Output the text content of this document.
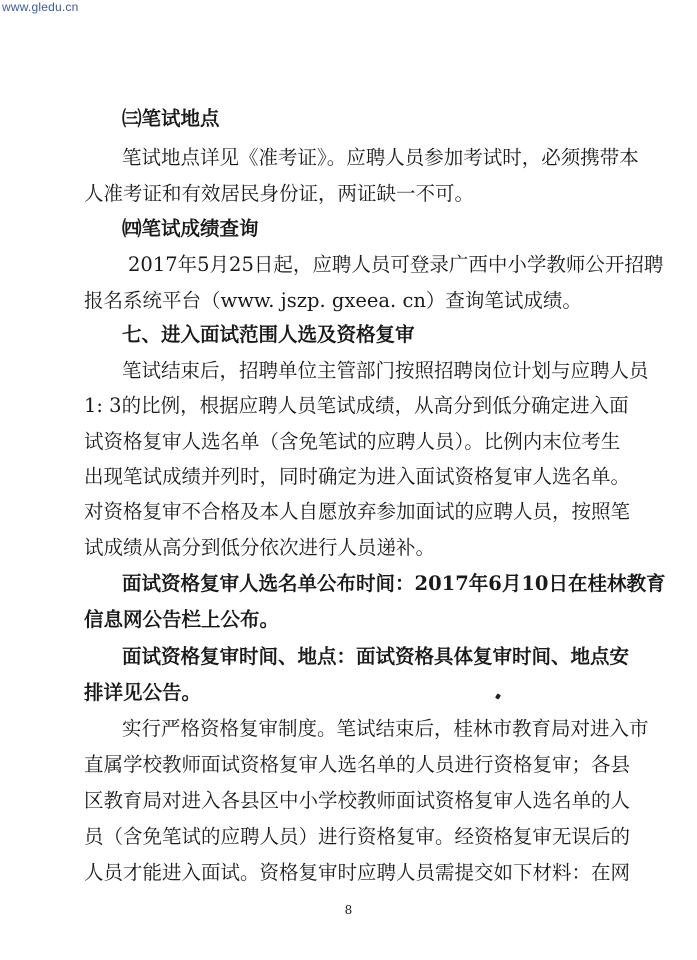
www.gledu.cn
㈢笔试地点
笔试地点详见《准考证》。应聘人员参加考试时，必须携带本
人准考证和有效居民身份证，两证缺一不可。
㈣笔试成绩查询
2017年5月25日起，应聘人员可登录广西中小学教师公开招聘
报名系统平台（www. jszp. gxeea. cn）查询笔试成绩。
七、进入面试范围人选及资格复审
笔试结束后，招聘单位主管部门按照招聘岗位计划与应聘人员
1: 3的比例，根据应聘人员笔试成绩，从高分到低分确定进入面
试资格复审人选名单（含免笔试的应聘人员）。比例内末位考生
出现笔试成绩并列时，同时确定为进入面试资格复审人选名单。
对资格复审不合格及本人自愿放弃参加面试的应聘人员，按照笔
试成绩从高分到低分依次进行人员递补。
面试资格复审人选名单公布时间：2017年6月10日在桂林教育
信息网公告栏上公布。
面试资格复审时间、地点：面试资格具体复审时间、地点安
排详见公告。
实行严格资格复审制度。笔试结束后，桂林市教育局对进入市
直属学校教师面试资格复审人选名单的人员进行资格复审；各县
区教育局对进入各县区中小学校教师面试资格复审人选名单的人
员（含免笔试的应聘人员）进行资格复审。经资格复审无误后的
人员才能进入面试。资格复审时应聘人员需提交如下材料：在网
8
